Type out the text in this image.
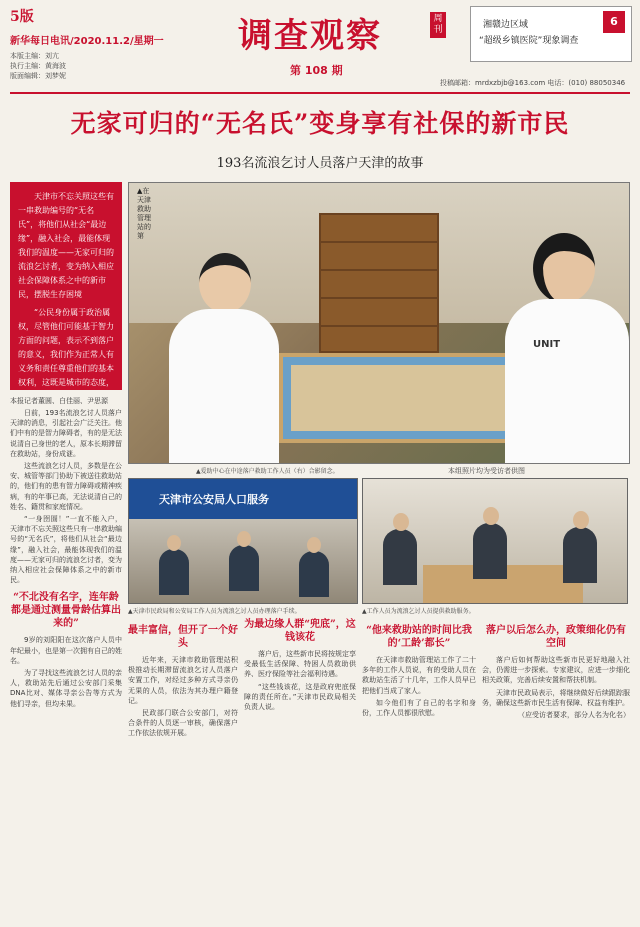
5版
新华每日电讯/2020.11.2/星期一
本版主编：刘亢
执行主编：黄海波
版面编辑：刘梦妮
调查观察	周刊
第 108 期
6
湘赣边区域
“超级乡镇医院”现象调查
投稿邮箱：mrdxzbjb@163.com 电话：(010) 88050346
无家可归的“无名氏”变身享有社保的新市民
193名流浪乞讨人员落户天津的故事

天津市不忘关照这些有一串救助编号的“无名氏”，将他们从社会“最边缘”，融入社会，最能体现我们的温度——无家可归的流浪乞讨者，变为纳入相应社会保障体系之中的新市民，摆脱生存困境

“公民身份属于政治属权，尽管他们可能基于智力方面的问题，表示不到落户的意义，我们作为正常人有义务和责任尊重他们的基本权利，这既是城市的态度，

本报记者董圆、白佳丽、尹思源
UNIT
▲在天津救助管理站的第
▲爱助中心在中途落户救助工作人员（右）合影留念。	本组照片均为受访者供图

日前，193名流浪乞讨人员落户天津的消息，引起社会广泛关注。他们中有的是智力障碍者，有的是无法说清自己身世的老人，原本长期滞留在救助站，身份成谜。

这些流浪乞讨人员，多数是在公安、城管等部门协助下被送往救助站的，他们有的患有智力障碍或精神疾病，有的年事已高，无法说清自己的姓名、籍贯和家庭情况。

“一身囹圄！”一直不能入户，天津市不忘关照这些只有一串救助编号的“无名氏”，将他们从社会“最边缘”，融入社会，最能体现我们的温度——无家可归的流浪乞讨者，变为纳入相应社会保障体系之中的新市民。

“不北没有名字，连年龄都是通过测量骨龄估算出来的”

9岁的刘阳阳在这次落户人员中年纪最小，也是第一次拥有自己的姓名。

为了寻找这些流浪乞讨人员的亲人，救助站先后通过公安部门采集DNA比对、媒体寻亲公告等方式为他们寻亲，但均未果。

天津市公安局人口服务
▲天津市民政局和公安局工作人员为流浪乞讨人员办理落户手续。	▲工作人员为流浪乞讨人员提供救助服务。
最丰富信，但开了一个好头

近年来，天津市救助管理站积极推动长期滞留流浪乞讨人员落户安置工作，对经过多种方式寻亲仍无果的人员，依法为其办理户籍登记。

民政部门联合公安部门，对符合条件的人员逐一审核，确保落户工作依法依规开展。

为最边缘人群“兜底”，这钱该花

落户后，这些新市民将按规定享受最低生活保障、特困人员救助供养、医疗保险等社会福利待遇。

“这些钱该花，这是政府兜底保障的责任所在。”天津市民政局相关负责人说。

“他来救助站的时间比我的‘工龄’都长”

在天津市救助管理站工作了二十多年的工作人员说，有的受助人员在救助站生活了十几年，工作人员早已把他们当成了家人。

如今他们有了自己的名字和身份，工作人员都很欣慰。

落户以后怎么办，政策细化仍有空间

落户后如何帮助这些新市民更好地融入社会，仍需进一步探索。专家建议，应进一步细化相关政策，完善后续安置和帮扶机制。

天津市民政局表示，将继续做好后续跟踪服务，确保这些新市民生活有保障、权益有维护。

（应受访者要求，部分人名为化名）
